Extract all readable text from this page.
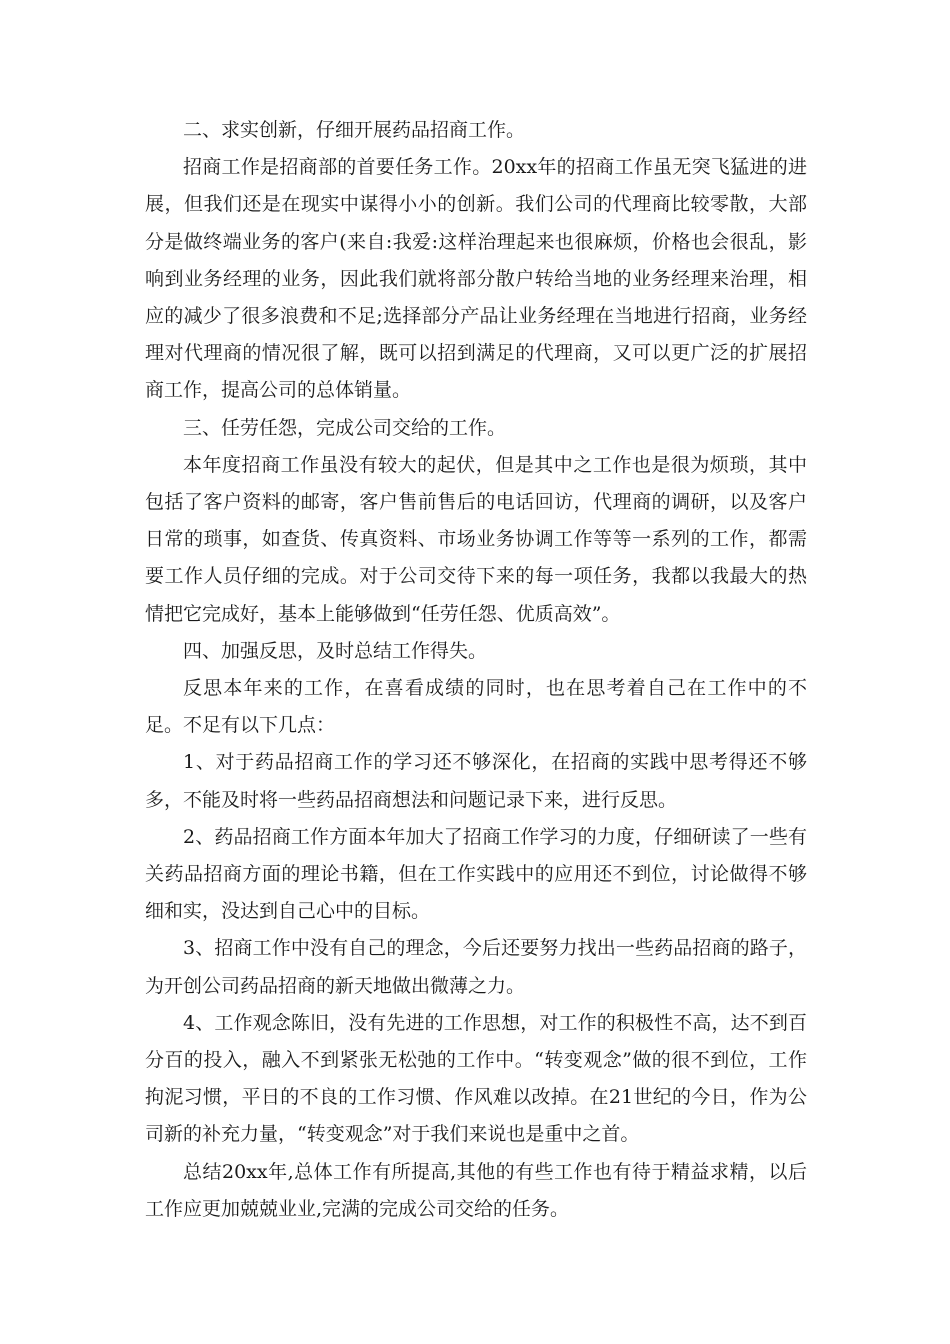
二、求实创新，仔细开展药品招商工作。

招商工作是招商部的首要任务工作。20xx年的招商工作虽无突飞猛进的进展，但我们还是在现实中谋得小小的创新。我们公司的代理商比较零散，大部分是做终端业务的客户(来自:我爱:这样治理起来也很麻烦，价格也会很乱，影响到业务经理的业务，因此我们就将部分散户转给当地的业务经理来治理，相应的减少了很多浪费和不足;选择部分产品让业务经理在当地进行招商，业务经理对代理商的情况很了解，既可以招到满足的代理商，又可以更广泛的扩展招商工作，提高公司的总体销量。

三、任劳任怨，完成公司交给的工作。

本年度招商工作虽没有较大的起伏，但是其中之工作也是很为烦琐，其中包括了客户资料的邮寄，客户售前售后的电话回访，代理商的调研，以及客户日常的琐事，如查货、传真资料、市场业务协调工作等等一系列的工作，都需要工作人员仔细的完成。对于公司交待下来的每一项任务，我都以我最大的热情把它完成好，基本上能够做到“任劳任怨、优质高效”。

四、加强反思，及时总结工作得失。

反思本年来的工作，在喜看成绩的同时，也在思考着自己在工作中的不足。不足有以下几点：

1、对于药品招商工作的学习还不够深化，在招商的实践中思考得还不够多，不能及时将一些药品招商想法和问题记录下来，进行反思。

2、药品招商工作方面本年加大了招商工作学习的力度，仔细研读了一些有关药品招商方面的理论书籍，但在工作实践中的应用还不到位，讨论做得不够细和实，没达到自己心中的目标。

3、招商工作中没有自己的理念，今后还要努力找出一些药品招商的路子，为开创公司药品招商的新天地做出微薄之力。

4、工作观念陈旧，没有先进的工作思想，对工作的积极性不高，达不到百分百的投入，融入不到紧张无松弛的工作中。“转变观念”做的很不到位，工作拘泥习惯，平日的不良的工作习惯、作风难以改掉。在21世纪的今日，作为公司新的补充力量，“转变观念”对于我们来说也是重中之首。

总结20xx年,总体工作有所提高,其他的有些工作也有待于精益求精，以后工作应更加兢兢业业,完满的完成公司交给的任务。
